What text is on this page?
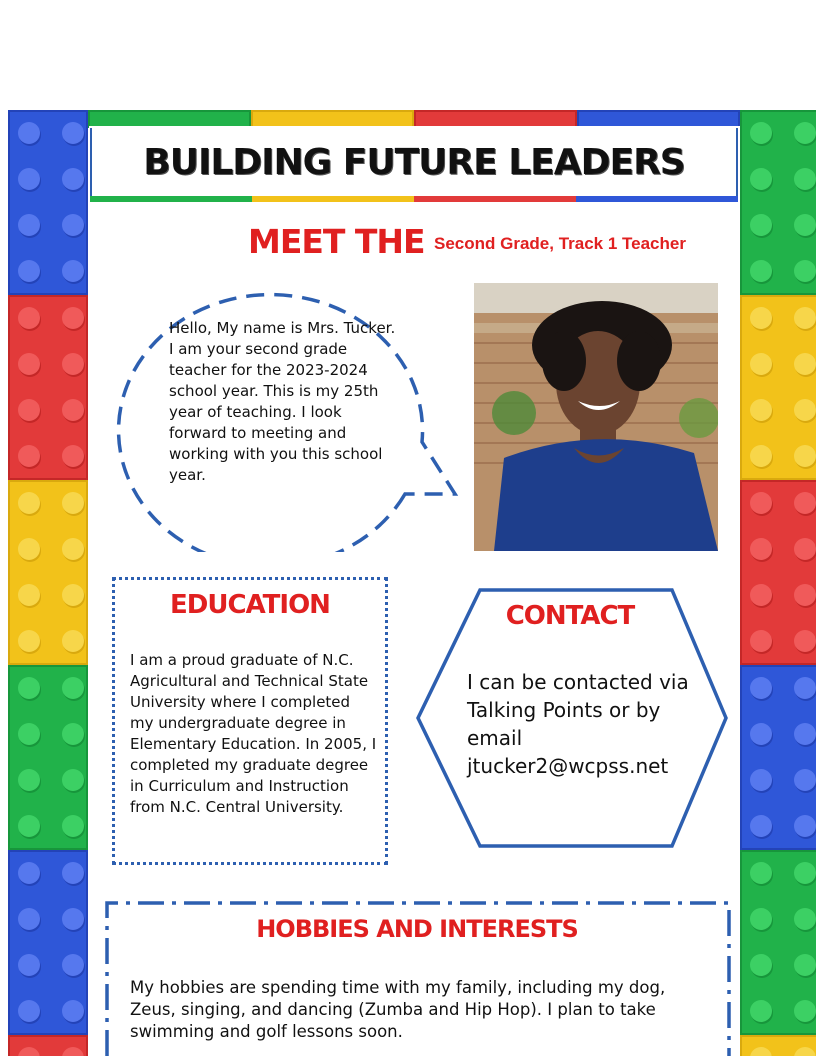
BUILDING FUTURE LEADERS
MEET THE Second Grade, Track 1 Teacher
Hello, My name is Mrs. Tucker. I am your second grade teacher for the 2023-2024 school year. This is my 25th year of teaching. I look forward to meeting and working with you this school year.
EDUCATION
I am a proud graduate of N.C. Agricultural and Technical State University where I completed my undergraduate degree in Elementary Education. In 2005, I completed my graduate degree in Curriculum and Instruction from N.C. Central University.
CONTACT
I can be contacted via Talking Points or by email jtucker2@wcpss.net
HOBBIES AND INTERESTS
My hobbies are spending time with my family, including my dog, Zeus, singing, and dancing (Zumba and Hip Hop). I plan to take swimming and golf lessons soon.
